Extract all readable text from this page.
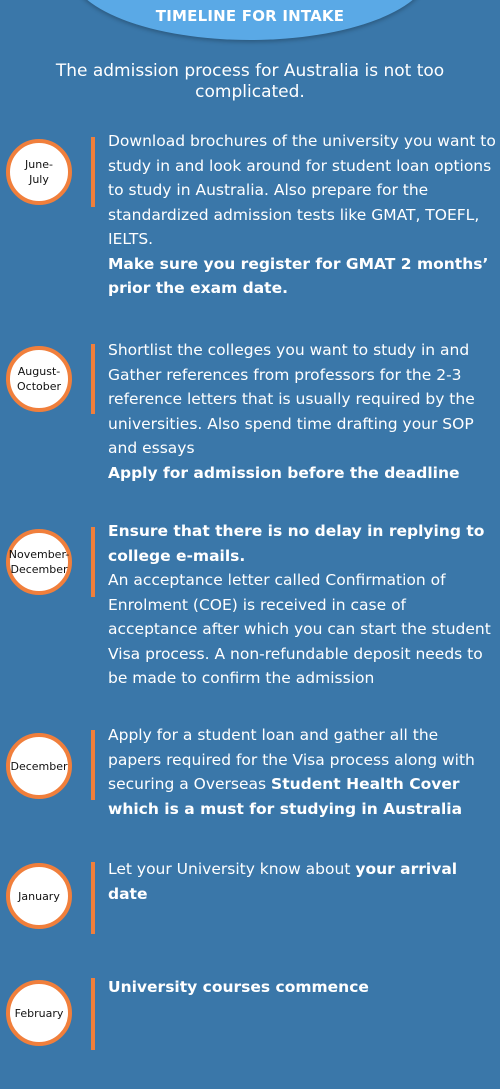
TIMELINE FOR INTAKE
The admission process for Australia is not too complicated.
June-
July
Download brochures of the university you want to study in and look around for student loan options to study in Australia. Also prepare for the standardized admission tests like GMAT, TOEFL, IELTS.
Make sure you register for GMAT 2 months’ prior the exam date.
August-
October
Shortlist the colleges you want to study in and Gather references from professors for the 2-3 reference letters that is usually required by the universities. Also spend time drafting your SOP and essays
Apply for admission before the deadline
November-
December
Ensure that there is no delay in replying to college e-mails.
An acceptance letter called Confirmation of Enrolment (COE) is received in case of acceptance after which you can start the student Visa process. A non-refundable deposit needs to be made to confirm the admission
December
Apply for a student loan and gather all the papers required for the Visa process along with securing a Overseas Student Health Cover which is a must for studying in Australia
January
Let your University know about your arrival date
February
University courses commence
